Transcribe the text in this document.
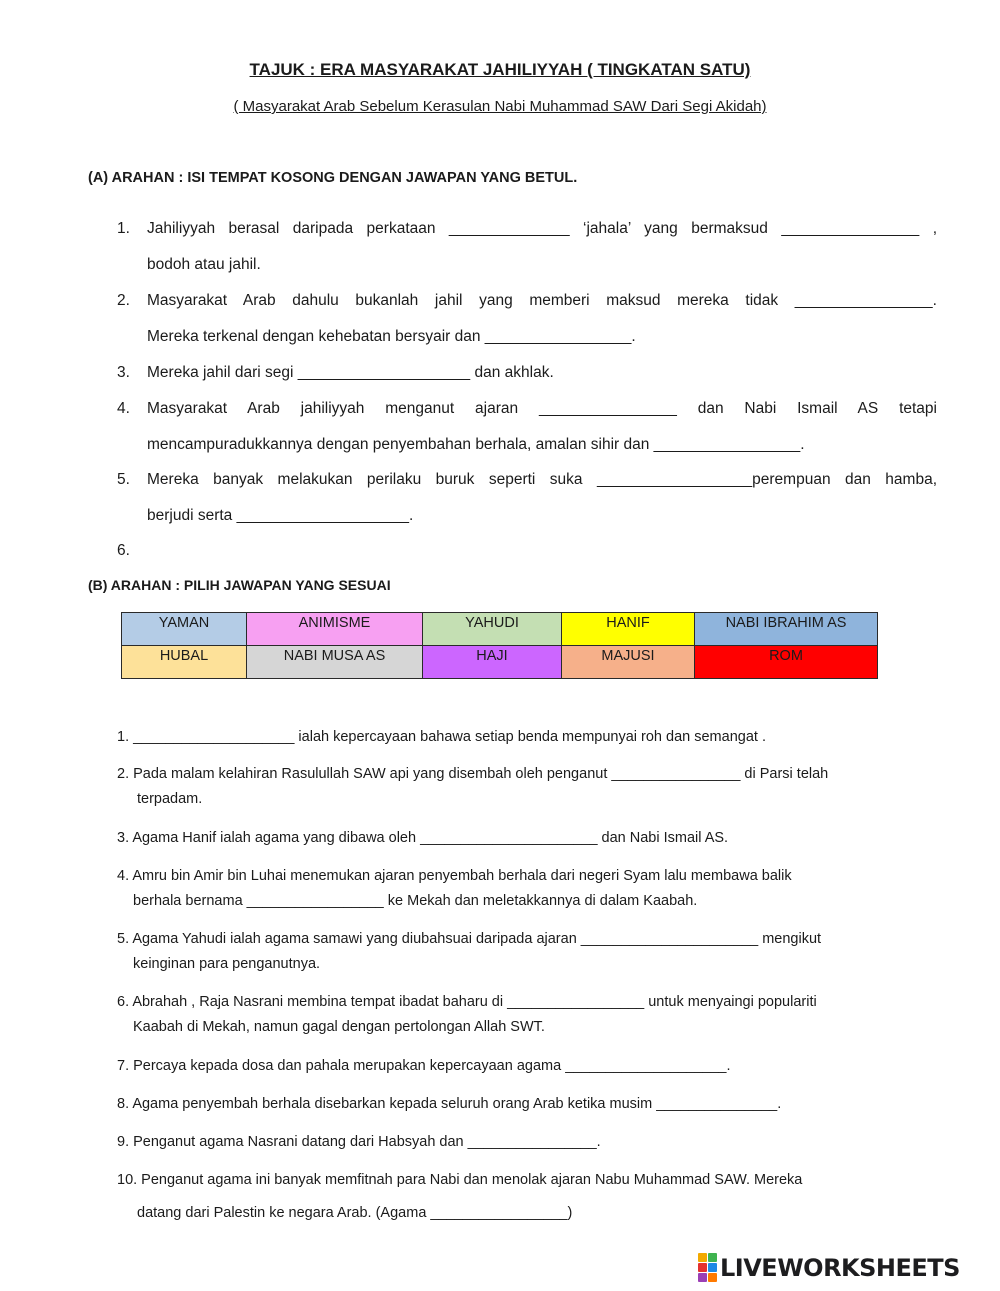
TAJUK : ERA MASYARAKAT JAHILIYYAH ( TINGKATAN SATU)
( Masyarakat Arab Sebelum Kerasulan Nabi Muhammad SAW Dari Segi Akidah)
(A) ARAHAN : ISI TEMPAT KOSONG DENGAN JAWAPAN YANG BETUL.
1. Jahiliyyah berasal daripada perkataan ______________ ‘jahala’ yang bermaksud ________________ ,
bodoh atau jahil.
2. Masyarakat Arab dahulu bukanlah jahil yang memberi maksud mereka tidak ________________.
Mereka terkenal dengan kehebatan bersyair dan _________________.
3. Mereka jahil dari segi ____________________ dan akhlak.
4. Masyarakat Arab jahiliyyah menganut ajaran ________________ dan Nabi Ismail AS tetapi
mencampuradukkannya dengan penyembahan berhala, amalan sihir dan _________________.
5. Mereka banyak melakukan perilaku buruk seperti suka __________________perempuan dan hamba,
berjudi serta ____________________.
6.
(B) ARAHAN : PILIH JAWAPAN YANG SESUAI
YAMAN	ANIMISME	YAHUDI	HANIF	NABI IBRAHIM AS
HUBAL	NABI MUSA AS	HAJI	MAJUSI	ROM
1. ____________________ ialah kepercayaan bahawa setiap benda mempunyai roh dan semangat .
2. Pada malam kelahiran Rasulullah SAW api yang disembah oleh penganut ________________ di Parsi telah
terpadam.
3. Agama Hanif ialah agama yang dibawa oleh ______________________ dan Nabi Ismail AS.
4. Amru bin Amir bin Luhai menemukan ajaran penyembah berhala dari negeri Syam lalu membawa balik
berhala bernama _________________ ke Mekah dan meletakkannya di dalam Kaabah.
5. Agama Yahudi ialah agama samawi yang diubahsuai daripada ajaran ______________________ mengikut
keinginan para penganutnya.
6. Abrahah , Raja Nasrani membina tempat ibadat baharu di _________________ untuk menyaingi populariti
Kaabah di Mekah, namun gagal dengan pertolongan Allah SWT.
7. Percaya kepada dosa dan pahala merupakan kepercayaan agama ____________________.
8. Agama penyembah berhala disebarkan kepada seluruh orang Arab ketika musim _______________.
9. Penganut agama Nasrani datang dari Habsyah dan ________________.
10. Penganut agama ini banyak memfitnah para Nabi dan menolak ajaran Nabu Muhammad SAW. Mereka
datang dari Palestin ke negara Arab. (Agama _________________)
LIVEWORKSHEETS
